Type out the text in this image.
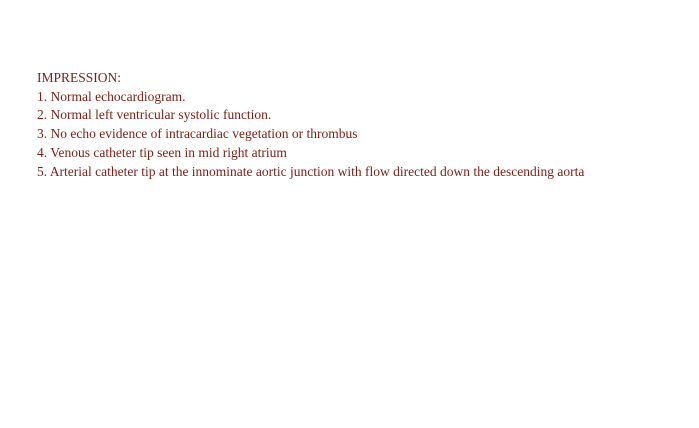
IMPRESSION:
1. Normal echocardiogram.
2. Normal left ventricular systolic function.
3. No echo evidence of intracardiac vegetation or thrombus
4. Venous catheter tip seen in mid right atrium
5. Arterial catheter tip at the innominate aortic junction with flow directed down the descending aorta
